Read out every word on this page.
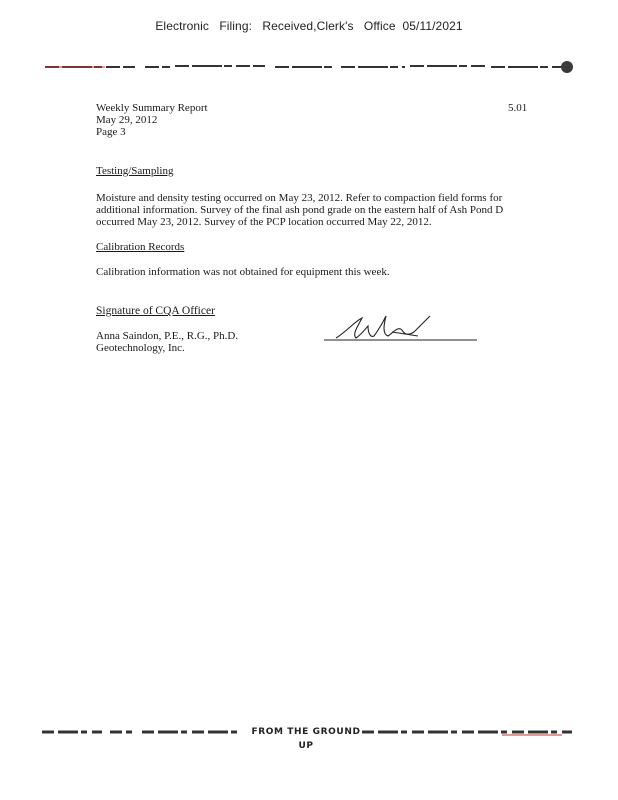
Electronic   Filing:   Received,Clerk's   Office  05/11/2021
Weekly Summary Report
May 29, 2012
Page 3
5.01
Testing/Sampling
Moisture and density testing occurred on May 23, 2012. Refer to compaction field forms for
additional information. Survey of the final ash pond grade on the eastern half of Ash Pond D
occurred May 23, 2012. Survey of the PCP location occurred May 22, 2012.
Calibration Records
Calibration information was not obtained for equipment this week.
Signature of CQA Officer
Anna Saindon, P.E., R.G., Ph.D.
Geotechnology, Inc.
FROM THE GROUND UP
